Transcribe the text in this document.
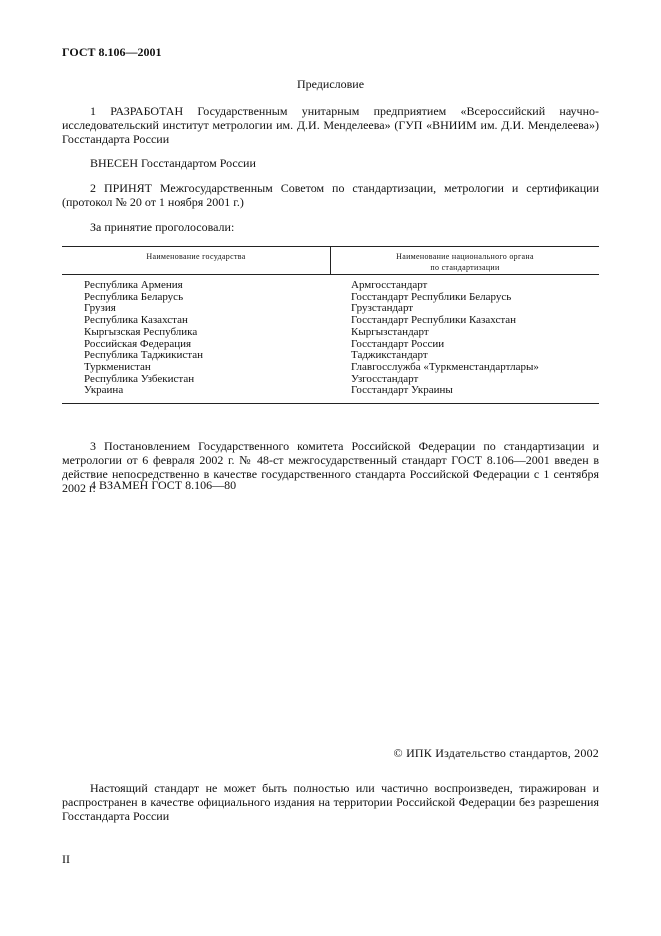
ГОСТ 8.106—2001
Предисловие
1 РАЗРАБОТАН Государственным унитарным предприятием «Всероссийский научно-исследовательский институт метрологии им. Д.И. Менделеева» (ГУП «ВНИИМ им. Д.И. Менделеева») Госстандарта России
ВНЕСЕН Госстандартом России
2 ПРИНЯТ Межгосударственным Советом по стандартизации, метрологии и сертификации (протокол № 20 от 1 ноября 2001 г.)
За принятие проголосовали:
Наименование государства	Наименование национального органа
по стандартизации
Республика Армения
Республика Беларусь
Грузия
Республика Казахстан
Кыргызская Республика
Российская Федерация
Республика Таджикистан
Туркменистан
Республика Узбекистан
Украина
Армгосстандарт
Госстандарт Республики Беларусь
Грузстандарт
Госстандарт Республики Казахстан
Кыргызстандарт
Госстандарт России
Таджикстандарт
Главгосслужба «Туркменстандартлары»
Узгосстандарт
Госстандарт Украины
3 Постановлением Государственного комитета Российской Федерации по стандартизации и метрологии от 6 февраля 2002 г. № 48-ст межгосударственный стандарт ГОСТ 8.106—2001 введен в действие непосредственно в качестве государственного стандарта Российской Федерации с 1 сентября 2002 г.
4 ВЗАМЕН ГОСТ 8.106—80
© ИПК Издательство стандартов, 2002
Настоящий стандарт не может быть полностью или частично воспроизведен, тиражирован и распространен в качестве официального издания на территории Российской Федерации без разрешения Госстандарта России
II
